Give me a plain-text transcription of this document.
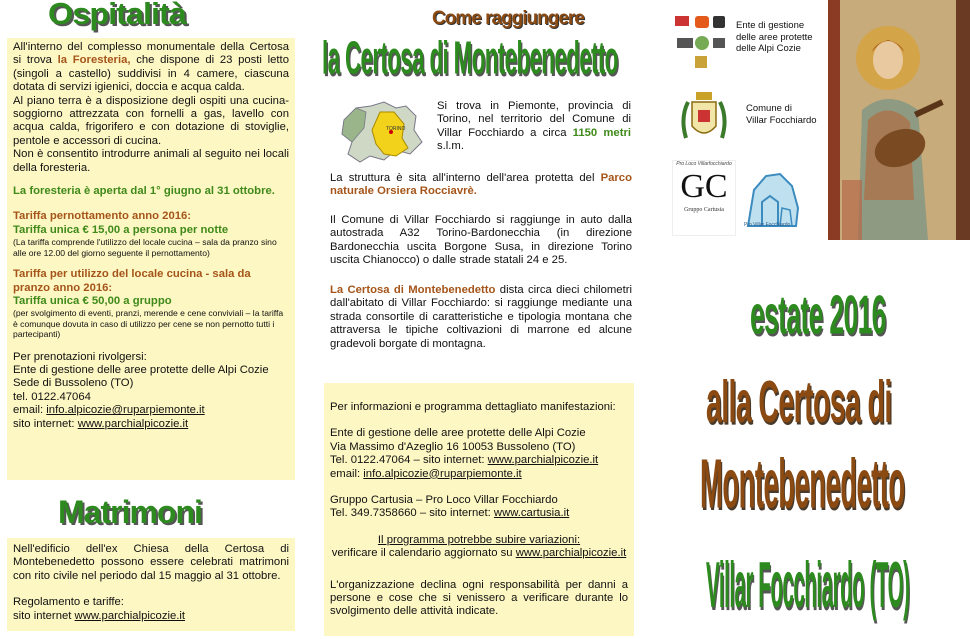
Ospitalità

All'interno del complesso monumentale della Certosa si trova la Foresteria, che dispone di 23 posti letto (singoli a castello) suddivisi in 4 camere, ciascuna dotata di servizi igienici, doccia e acqua calda.

Al piano terra è a disposizione degli ospiti una cucina-soggiorno attrezzata con fornelli a gas, lavello con acqua calda, frigorifero e con dotazione di stoviglie, pentole e accessori di cucina.

Non è consentito introdurre animali al seguito nei locali della foresteria.

La foresteria è aperta dal 1° giugno al 31 ottobre.

Tariffa pernottamento anno 2016:

Tariffa unica € 15,00 a persona per notte

(La tariffa comprende l'utilizzo del locale cucina – sala da pranzo sino alle ore 12.00 del giorno seguente il pernottamento)

Tariffa per utilizzo del locale cucina - sala da pranzo anno 2016:

Tariffa unica € 50,00 a gruppo

(per svolgimento di eventi, pranzi, merende e cene conviviali – la tariffa è comunque dovuta in caso di utilizzo per cene se non pernotto tutti i partecipanti)

Per prenotazioni rivolgersi:

Ente di gestione delle aree protette delle Alpi Cozie

Sede di Bussoleno (TO)

tel. 0122.47064

email: info.alpicozie@ruparpiemonte.it

sito internet: www.parchialpicozie.it

Matrimoni

Nell'edificio dell'ex Chiesa della Certosa di Montebenedetto possono essere celebrati matrimoni con rito civile nel periodo dal 15 maggio al 31 ottobre.

Regolamento e tariffe:

sito internet www.parchialpicozie.it

Come raggiungere
la Certosa di Montebenedetto
TORINO

Si trova in Piemonte, provincia di Torino, nel territorio del Comune di Villar Focchiardo a circa 1150 metri s.l.m.

La struttura è sita all'interno dell'area protetta del Parco naturale Orsiera Rocciavrè.

Il Comune di Villar Focchiardo si raggiunge in auto dalla autostrada A32 Torino-Bardonecchia (in direzione Bardonecchia uscita Borgone Susa, in direzione Torino uscita Chianocco) o dalle strade statali 24 e 25.

La Certosa di Montebenedetto dista circa dieci chilometri dall'abitato di Villar Focchiardo: si raggiunge mediante una strada consortile di caratteristiche e tipologia montana che attraversa le tipiche coltivazioni di marrone ed alcune gradevoli borgate di montagna.

Per informazioni e programma dettagliato manifestazioni:

Ente di gestione delle aree protette delle Alpi Cozie

Via Massimo d'Azeglio 16 10053 Bussoleno (TO)

Tel. 0122.47064 – sito internet: www.parchialpicozie.it

email: info.alpicozie@ruparpiemonte.it

Gruppo Cartusia – Pro Loco Villar Focchiardo

Tel. 349.7358660 – sito internet: www.cartusia.it

Il programma potrebbe subire variazioni:

verificare il calendario aggiornato su www.parchialpicozie.it

L'organizzazione declina ogni responsabilità per danni a persone e cose che si venissero a verificare durante lo svolgimento delle attività indicate.

Ente di gestione

delle aree protette

delle Alpi Cozie

Comune di

Villar Focchiardo

Pro Loco Villarfocchiardo
GC
Gruppo Cartusia
Pro Villar Focchiardo
estate 2016
alla Certosa di
Montebenedetto
Villar Focchiardo (TO)
